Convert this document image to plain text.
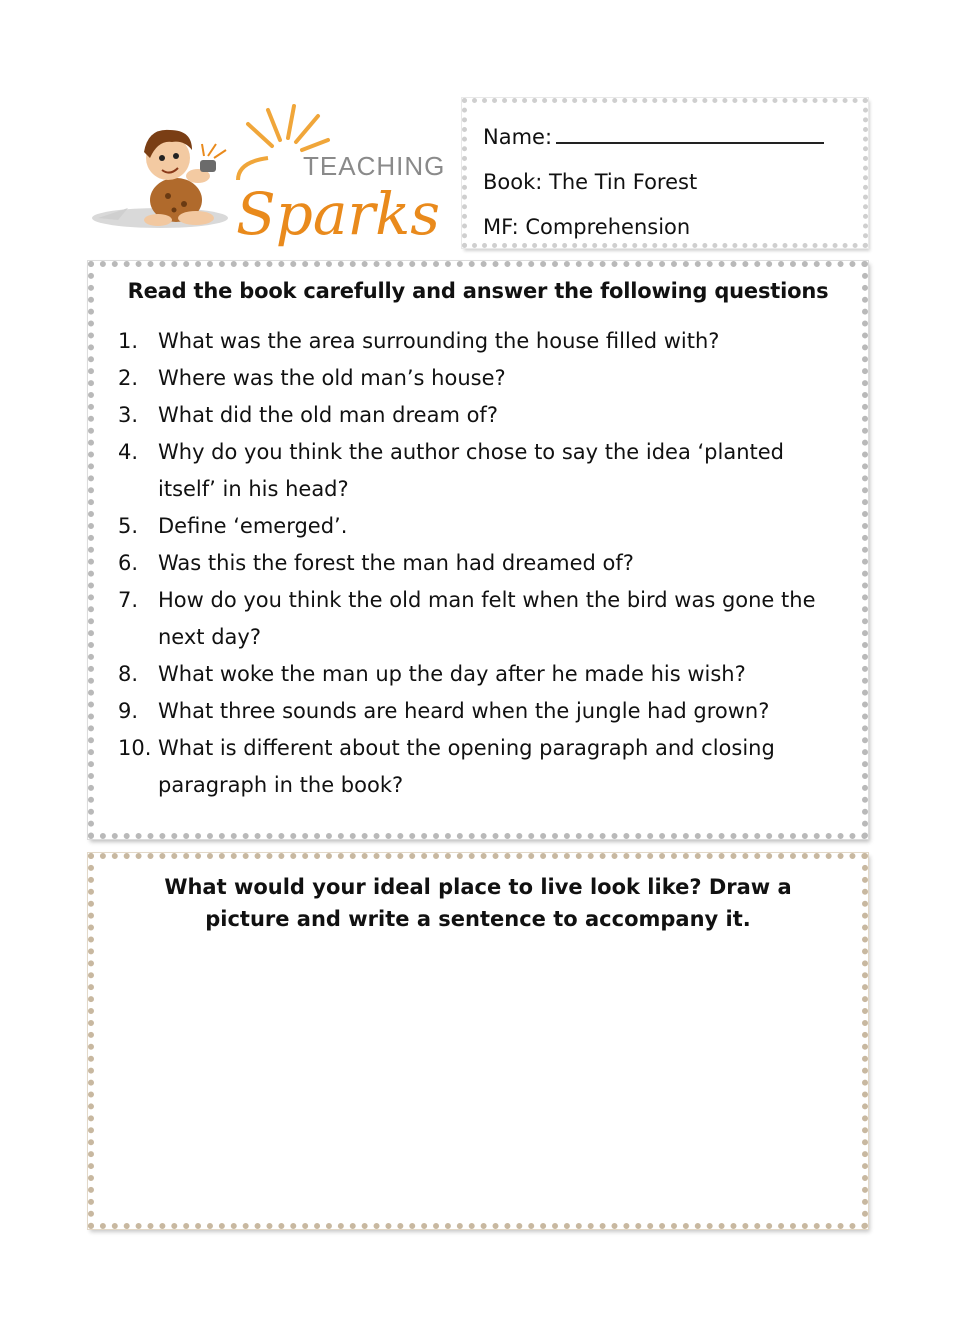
TEACHING
Sparks
Name:
Book: The Tin Forest
MF: Comprehension
Read the book carefully and answer the following questions
1. What was the area surrounding the house filled with?
2. Where was the old man’s house?
3. What did the old man dream of?
4. Why do you think the author chose to say the idea ‘planted itself’ in his head?
5. Define ‘emerged’.
6. Was this the forest the man had dreamed of?
7. How do you think the old man felt when the bird was gone the next day?
8. What woke the man up the day after he made his wish?
9. What three sounds are heard when the jungle had grown?
10. What is different about the opening paragraph and closing paragraph in the book?
What would your ideal place to live look like? Draw a picture and write a sentence to accompany it.
